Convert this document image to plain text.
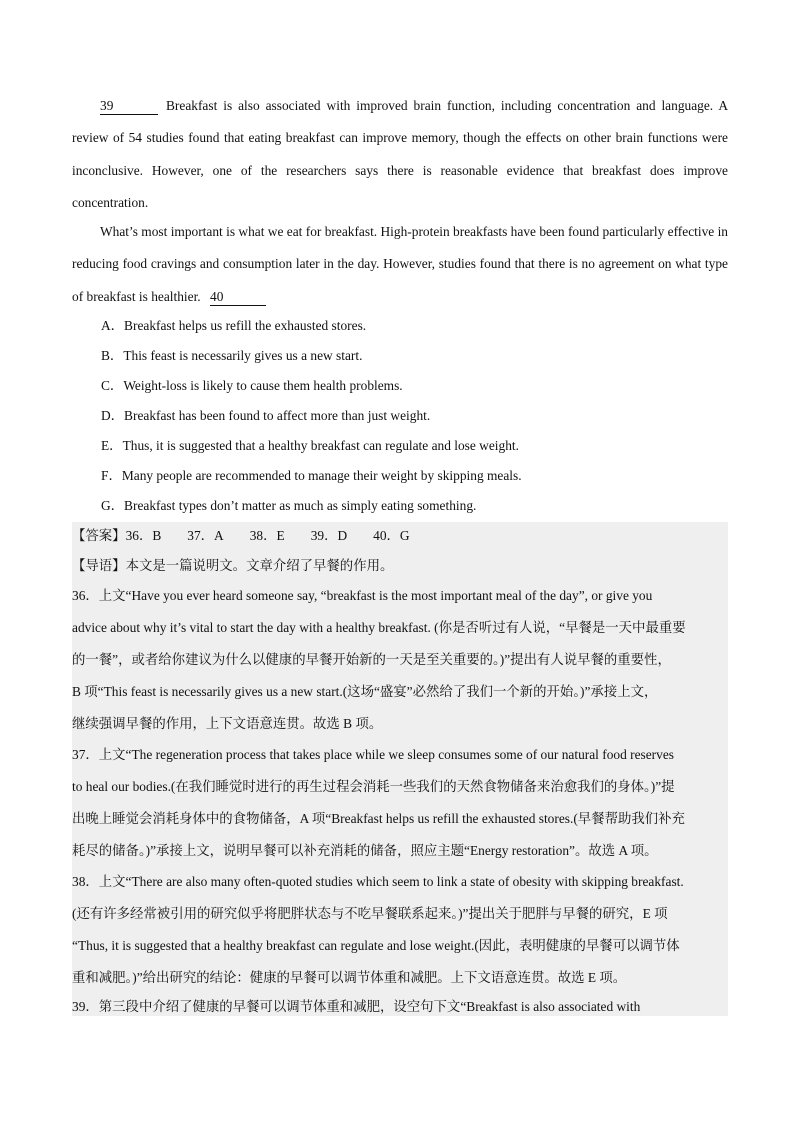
39	Breakfast is also associated with improved brain function, including concentration and language. A review of 54 studies found that eating breakfast can improve memory, though the effects on other brain functions were inconclusive. However, one of the researchers says there is reasonable evidence that breakfast does improve concentration.

What’s most important is what we eat for breakfast. High-protein breakfasts have been found particularly effective in reducing food cravings and consumption later in the day. However, studies found that there is no agreement on what type of breakfast is healthier. 40

A．Breakfast helps us refill the exhausted stores.

B．This feast is necessarily gives us a new start.

C．Weight-loss is likely to cause them health problems.

D．Breakfast has been found to affect more than just weight.

E．Thus, it is suggested that a healthy breakfast can regulate and lose weight.

F．Many people are recommended to manage their weight by skipping meals.

G．Breakfast types don’t matter as much as simply eating something.

【答案】36．B 37．A 38．E 39．D 40．G

【导语】本文是一篇说明文。文章介绍了早餐的作用。

36．上文“Have you ever heard someone say, “breakfast is the most important meal of the day”, or give you

advice about why it’s vital to start the day with a healthy breakfast. (你是否听过有人说，“早餐是一天中最重要

的一餐”，或者给你建议为什么以健康的早餐开始新的一天是至关重要的。)”提出有人说早餐的重要性，

B 项“This feast is necessarily gives us a new start.(这场“盛宴”必然给了我们一个新的开始。)”承接上文，

继续强调早餐的作用，上下文语意连贯。故选 B 项。

37．上文“The regeneration process that takes place while we sleep consumes some of our natural food reserves

to heal our bodies.(在我们睡觉时进行的再生过程会消耗一些我们的天然食物储备来治愈我们的身体。)”提

出晚上睡觉会消耗身体中的食物储备，A 项“Breakfast helps us refill the exhausted stores.(早餐帮助我们补充

耗尽的储备。)”承接上文，说明早餐可以补充消耗的储备，照应主题“Energy restoration”。故选 A 项。

38．上文“There are also many often-quoted studies which seem to link a state of obesity with skipping breakfast.

(还有许多经常被引用的研究似乎将肥胖状态与不吃早餐联系起来。)”提出关于肥胖与早餐的研究，E 项

“Thus, it is suggested that a healthy breakfast can regulate and lose weight.(因此，表明健康的早餐可以调节体

重和减肥。)”给出研究的结论：健康的早餐可以调节体重和减肥。上下文语意连贯。故选 E 项。

39．第三段中介绍了健康的早餐可以调节体重和减肥，设空句下文“Breakfast is also associated with
